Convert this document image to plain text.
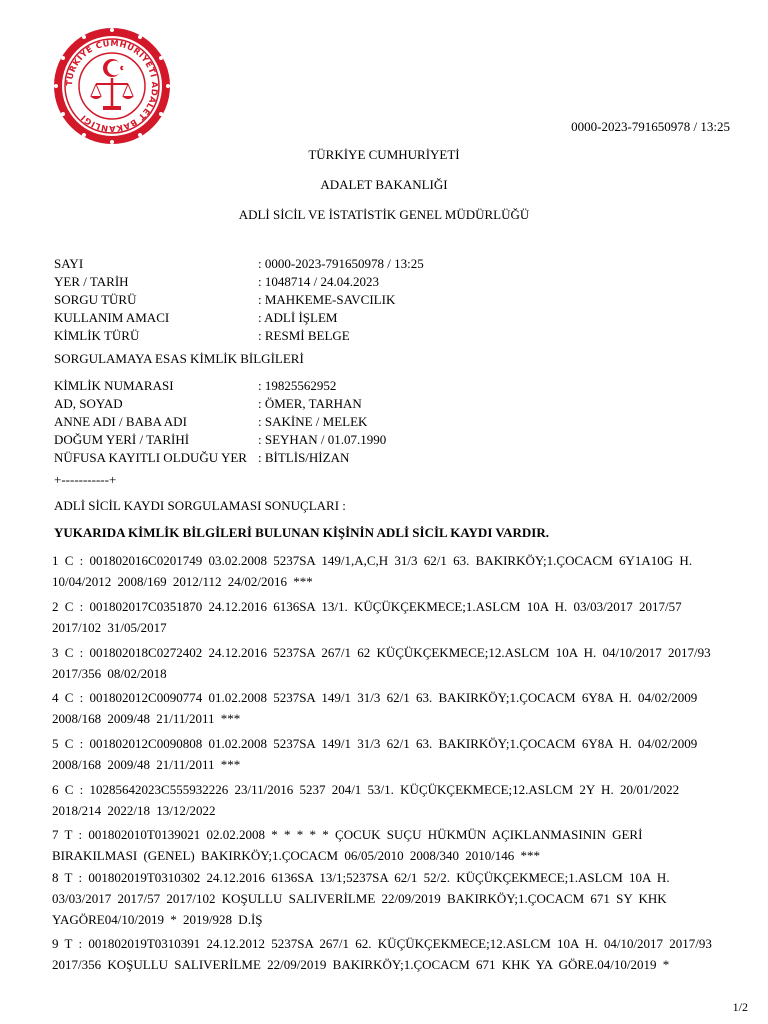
TÜRKİYE CUMHURİYETİ ADALET BAKANLIĞI
0000-2023-791650978 / 13:25
TÜRKİYE CUMHURİYETİ
ADALET BAKANLIĞI
ADLİ SİCİL VE İSTATİSTİK GENEL MÜDÜRLÜĞÜ
SAYI	: 0000-2023-791650978 / 13:25
YER / TARİH	: 1048714 / 24.04.2023
SORGU TÜRÜ	: MAHKEME-SAVCILIK
KULLANIM AMACI	: ADLİ İŞLEM
KİMLİK TÜRÜ	: RESMİ BELGE
SORGULAMAYA ESAS KİMLİK BİLGİLERİ
KİMLİK NUMARASI	: 19825562952
AD, SOYAD	: ÖMER, TARHAN
ANNE ADI / BABA ADI	: SAKİNE / MELEK
DOĞUM YERİ / TARİHİ	: SEYHAN / 01.07.1990
NÜFUSA KAYITLI OLDUĞU YER : BİTLİS/HİZAN
+-----------+
ADLİ SİCİL KAYDI SORGULAMASI SONUÇLARI :
YUKARIDA KİMLİK BİLGİLERİ BULUNAN KİŞİNİN ADLİ SİCİL KAYDI VARDIR.
1 C : 001802016C0201749 03.02.2008 5237SA 149/1,A,C,H 31/3 62/1 63. BAKIRKÖY;1.ÇOCACM 6Y1A10G H.
10/04/2012 2008/169 2012/112 24/02/2016 ***
2 C : 001802017C0351870 24.12.2016 6136SA 13/1. KÜÇÜKÇEKMECE;1.ASLCM 10A H. 03/03/2017 2017/57
2017/102 31/05/2017
3 C : 001802018C0272402 24.12.2016 5237SA 267/1 62 KÜÇÜKÇEKMECE;12.ASLCM 10A H. 04/10/2017 2017/93
2017/356 08/02/2018
4 C : 001802012C0090774 01.02.2008 5237SA 149/1 31/3 62/1 63. BAKIRKÖY;1.ÇOCACM 6Y8A H. 04/02/2009
2008/168 2009/48 21/11/2011 ***
5 C : 001802012C0090808 01.02.2008 5237SA 149/1 31/3 62/1 63. BAKIRKÖY;1.ÇOCACM 6Y8A H. 04/02/2009
2008/168 2009/48 21/11/2011 ***
6 C : 10285642023C555932226 23/11/2016 5237 204/1 53/1. KÜÇÜKÇEKMECE;12.ASLCM 2Y H. 20/01/2022
2018/214 2022/18 13/12/2022
7 T : 001802010T0139021 02.02.2008 * * * * * ÇOCUK SUÇU HÜKMÜN AÇIKLANMASININ GERİ
BIRAKILMASI (GENEL) BAKIRKÖY;1.ÇOCACM 06/05/2010 2008/340 2010/146 ***
8 T : 001802019T0310302 24.12.2016 6136SA 13/1;5237SA 62/1 52/2. KÜÇÜKÇEKMECE;1.ASLCM 10A H.
03/03/2017 2017/57 2017/102 KOŞULLU SALIVERİLME 22/09/2019 BAKIRKÖY;1.ÇOCACM 671 SY KHK
YAGÖRE04/10/2019 * 2019/928 D.İŞ
9 T : 001802019T0310391 24.12.2012 5237SA 267/1 62. KÜÇÜKÇEKMECE;12.ASLCM 10A H. 04/10/2017 2017/93
2017/356 KOŞULLU SALIVERİLME 22/09/2019 BAKIRKÖY;1.ÇOCACM 671 KHK YA GÖRE.04/10/2019 *
1/2
